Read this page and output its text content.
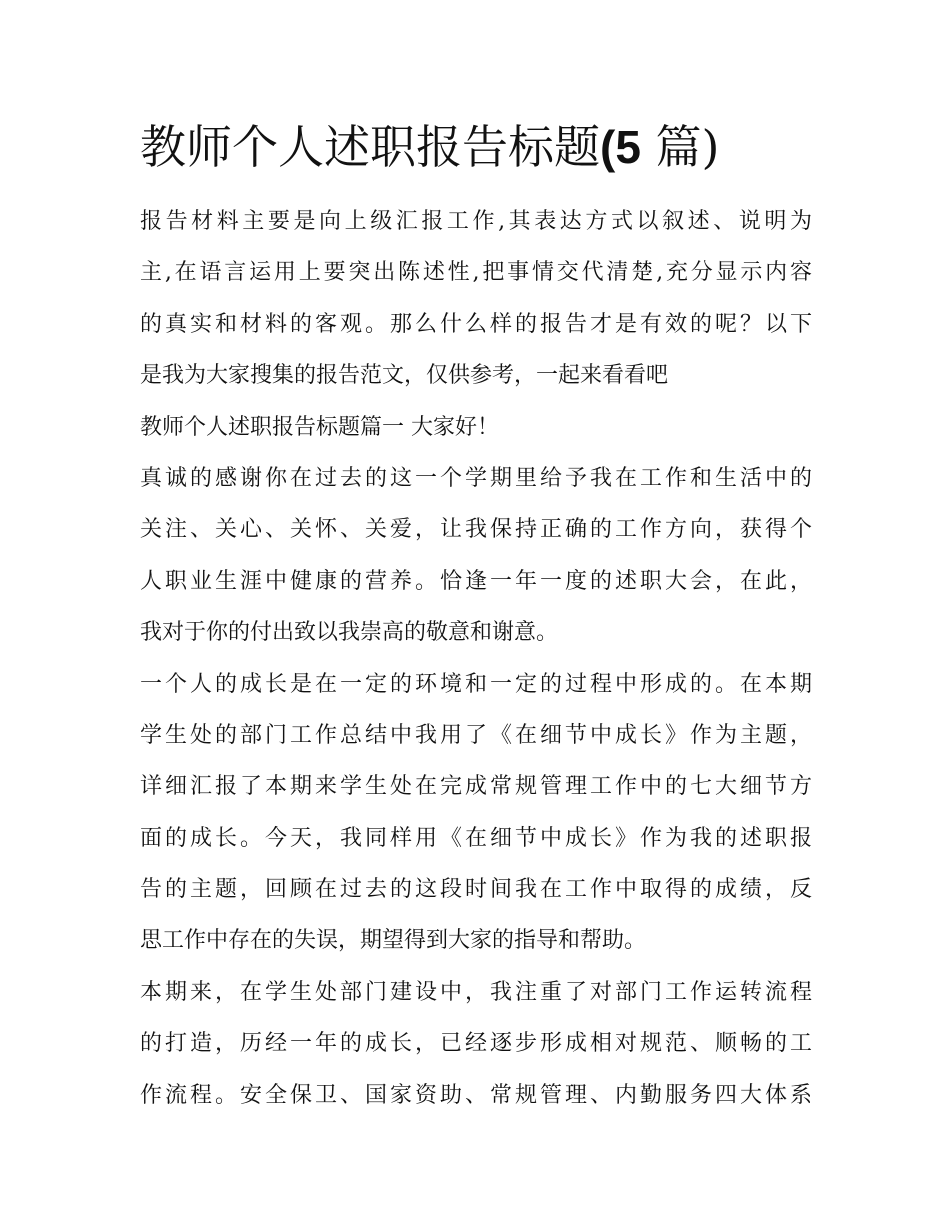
教师个人述职报告标题(5 篇)
报告材料主要是向上级汇报工作,其表达方式以叙述、说明为
主,在语言运用上要突出陈述性,把事情交代清楚,充分显示内容
的真实和材料的客观。那么什么样的报告才是有效的呢？以下
是我为大家搜集的报告范文，仅供参考，一起来看看吧
教师个人述职报告标题篇一 大家好！
真诚的感谢你在过去的这一个学期里给予我在工作和生活中的
关注、关心、关怀、关爱，让我保持正确的工作方向，获得个
人职业生涯中健康的营养。恰逢一年一度的述职大会，在此，
我对于你的付出致以我崇高的敬意和谢意。
一个人的成长是在一定的环境和一定的过程中形成的。在本期
学生处的部门工作总结中我用了《在细节中成长》作为主题，
详细汇报了本期来学生处在完成常规管理工作中的七大细节方
面的成长。今天，我同样用《在细节中成长》作为我的述职报
告的主题，回顾在过去的这段时间我在工作中取得的成绩，反
思工作中存在的失误，期望得到大家的指导和帮助。
本期来，在学生处部门建设中，我注重了对部门工作运转流程
的打造，历经一年的成长，已经逐步形成相对规范、顺畅的工
作流程。安全保卫、国家资助、常规管理、内勤服务四大体系
